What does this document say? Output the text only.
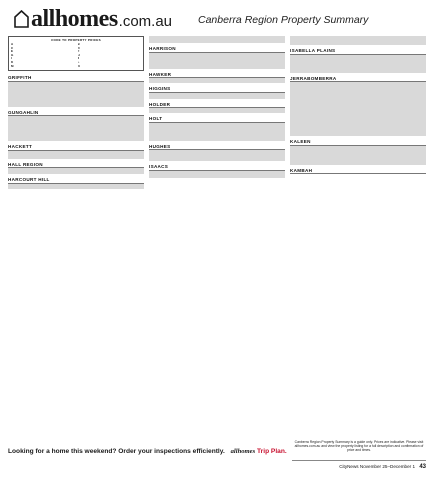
allhomes .com.au Canberra Region Property Summary
CODE TO PROPERTY PRICES
A	B
C	D
E	F
G	H
I	J
K	L
M	N
GRIFFITH
GUNGAHLIN
HACKETT
HALL REGION
HARCOURT HILL
HARRISON
HAWKER
HIGGINS
HOLDER
HOLT
HUGHES
ISAACS
ISABELLA PLAINS
JERRABOMBERRA
KALEEN
KAMBAH
Looking for a home this weekend? Order your inspections efficiently. allhomes Trip Plan.
Canberra Region Property Summary is a guide only. Prices are indicative. Please visit allhomes.com.au and view the property listing for a full description and confirmation of price and times.
CityNews November 25–December 1 43
